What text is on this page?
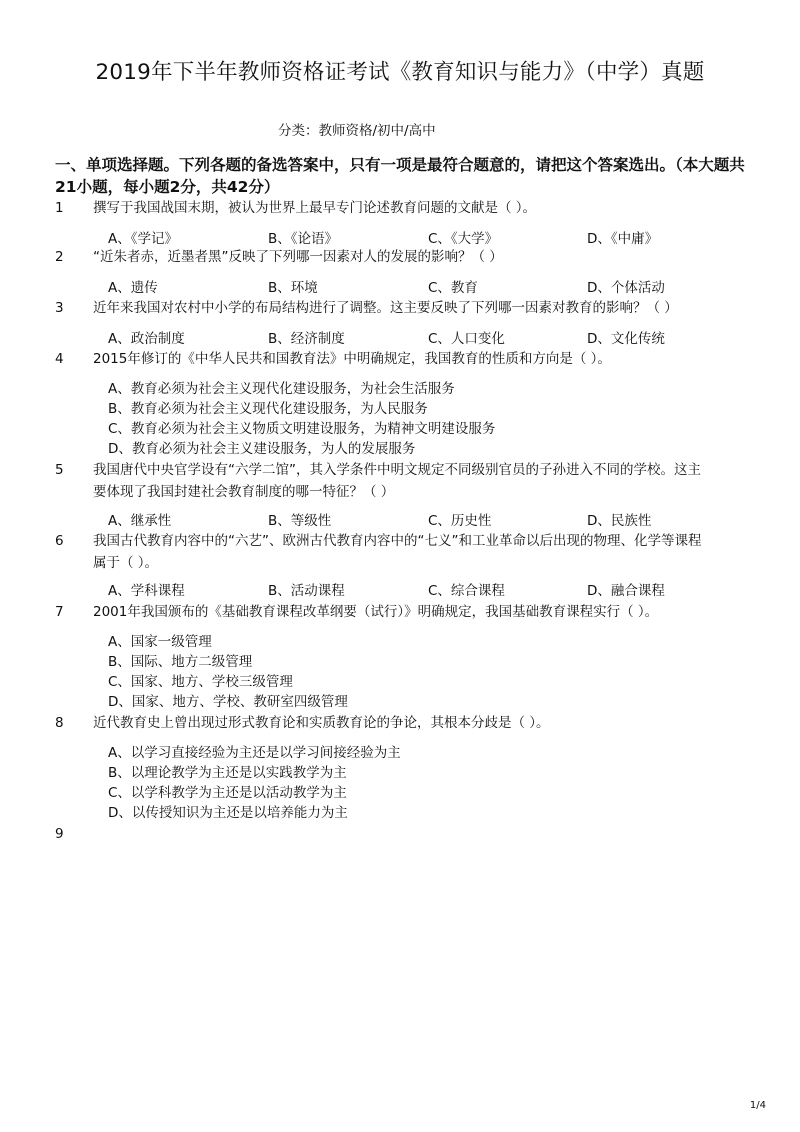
2019年下半年教师资格证考试《教育知识与能力》（中学）真题
分类：教师资格/初中/高中
一、单项选择题。下列各题的备选答案中，只有一项是最符合题意的，请把这个答案选出。（本大题共21小题，每小题2分，共42分）
1 撰写于我国战国末期，被认为世界上最早专门论述教育问题的文献是（ ）。
A、《学记》	B、《论语》	C、《大学》	D、《中庸》
2 “近朱者赤，近墨者黑”反映了下列哪一因素对人的发展的影响？（ ）
A、遗传	B、环境	C、教育	D、个体活动
3 近年来我国对农村中小学的布局结构进行了调整。这主要反映了下列哪一因素对教育的影响？（ ）
A、政治制度	B、经济制度	C、人口变化	D、文化传统
4 2015年修订的《中华人民共和国教育法》中明确规定，我国教育的性质和方向是（ ）。
A、教育必须为社会主义现代化建设服务，为社会生活服务
B、教育必须为社会主义现代化建设服务，为人民服务
C、教育必须为社会主义物质文明建设服务，为精神文明建设服务
D、教育必须为社会主义建设服务，为人的发展服务
5 我国唐代中央官学设有“六学二馆”，其入学条件中明文规定不同级别官员的子孙进入不同的学校。这主
要体现了我国封建社会教育制度的哪一特征？（ ）
A、继承性	B、等级性	C、历史性	D、民族性
6 我国古代教育内容中的“六艺”、欧洲古代教育内容中的“七义”和工业革命以后出现的物理、化学等课程
属于（ ）。
A、学科课程	B、活动课程	C、综合课程	D、融合课程
7 2001年我国颁布的《基础教育课程改革纲要（试行）》明确规定，我国基础教育课程实行（ ）。
A、国家一级管理
B、国际、地方二级管理
C、国家、地方、学校三级管理
D、国家、地方、学校、教研室四级管理
8 近代教育史上曾出现过形式教育论和实质教育论的争论，其根本分歧是（ ）。
A、以学习直接经验为主还是以学习间接经验为主
B、以理论教学为主还是以实践教学为主
C、以学科教学为主还是以活动教学为主
D、以传授知识为主还是以培养能力为主
9
1/4
